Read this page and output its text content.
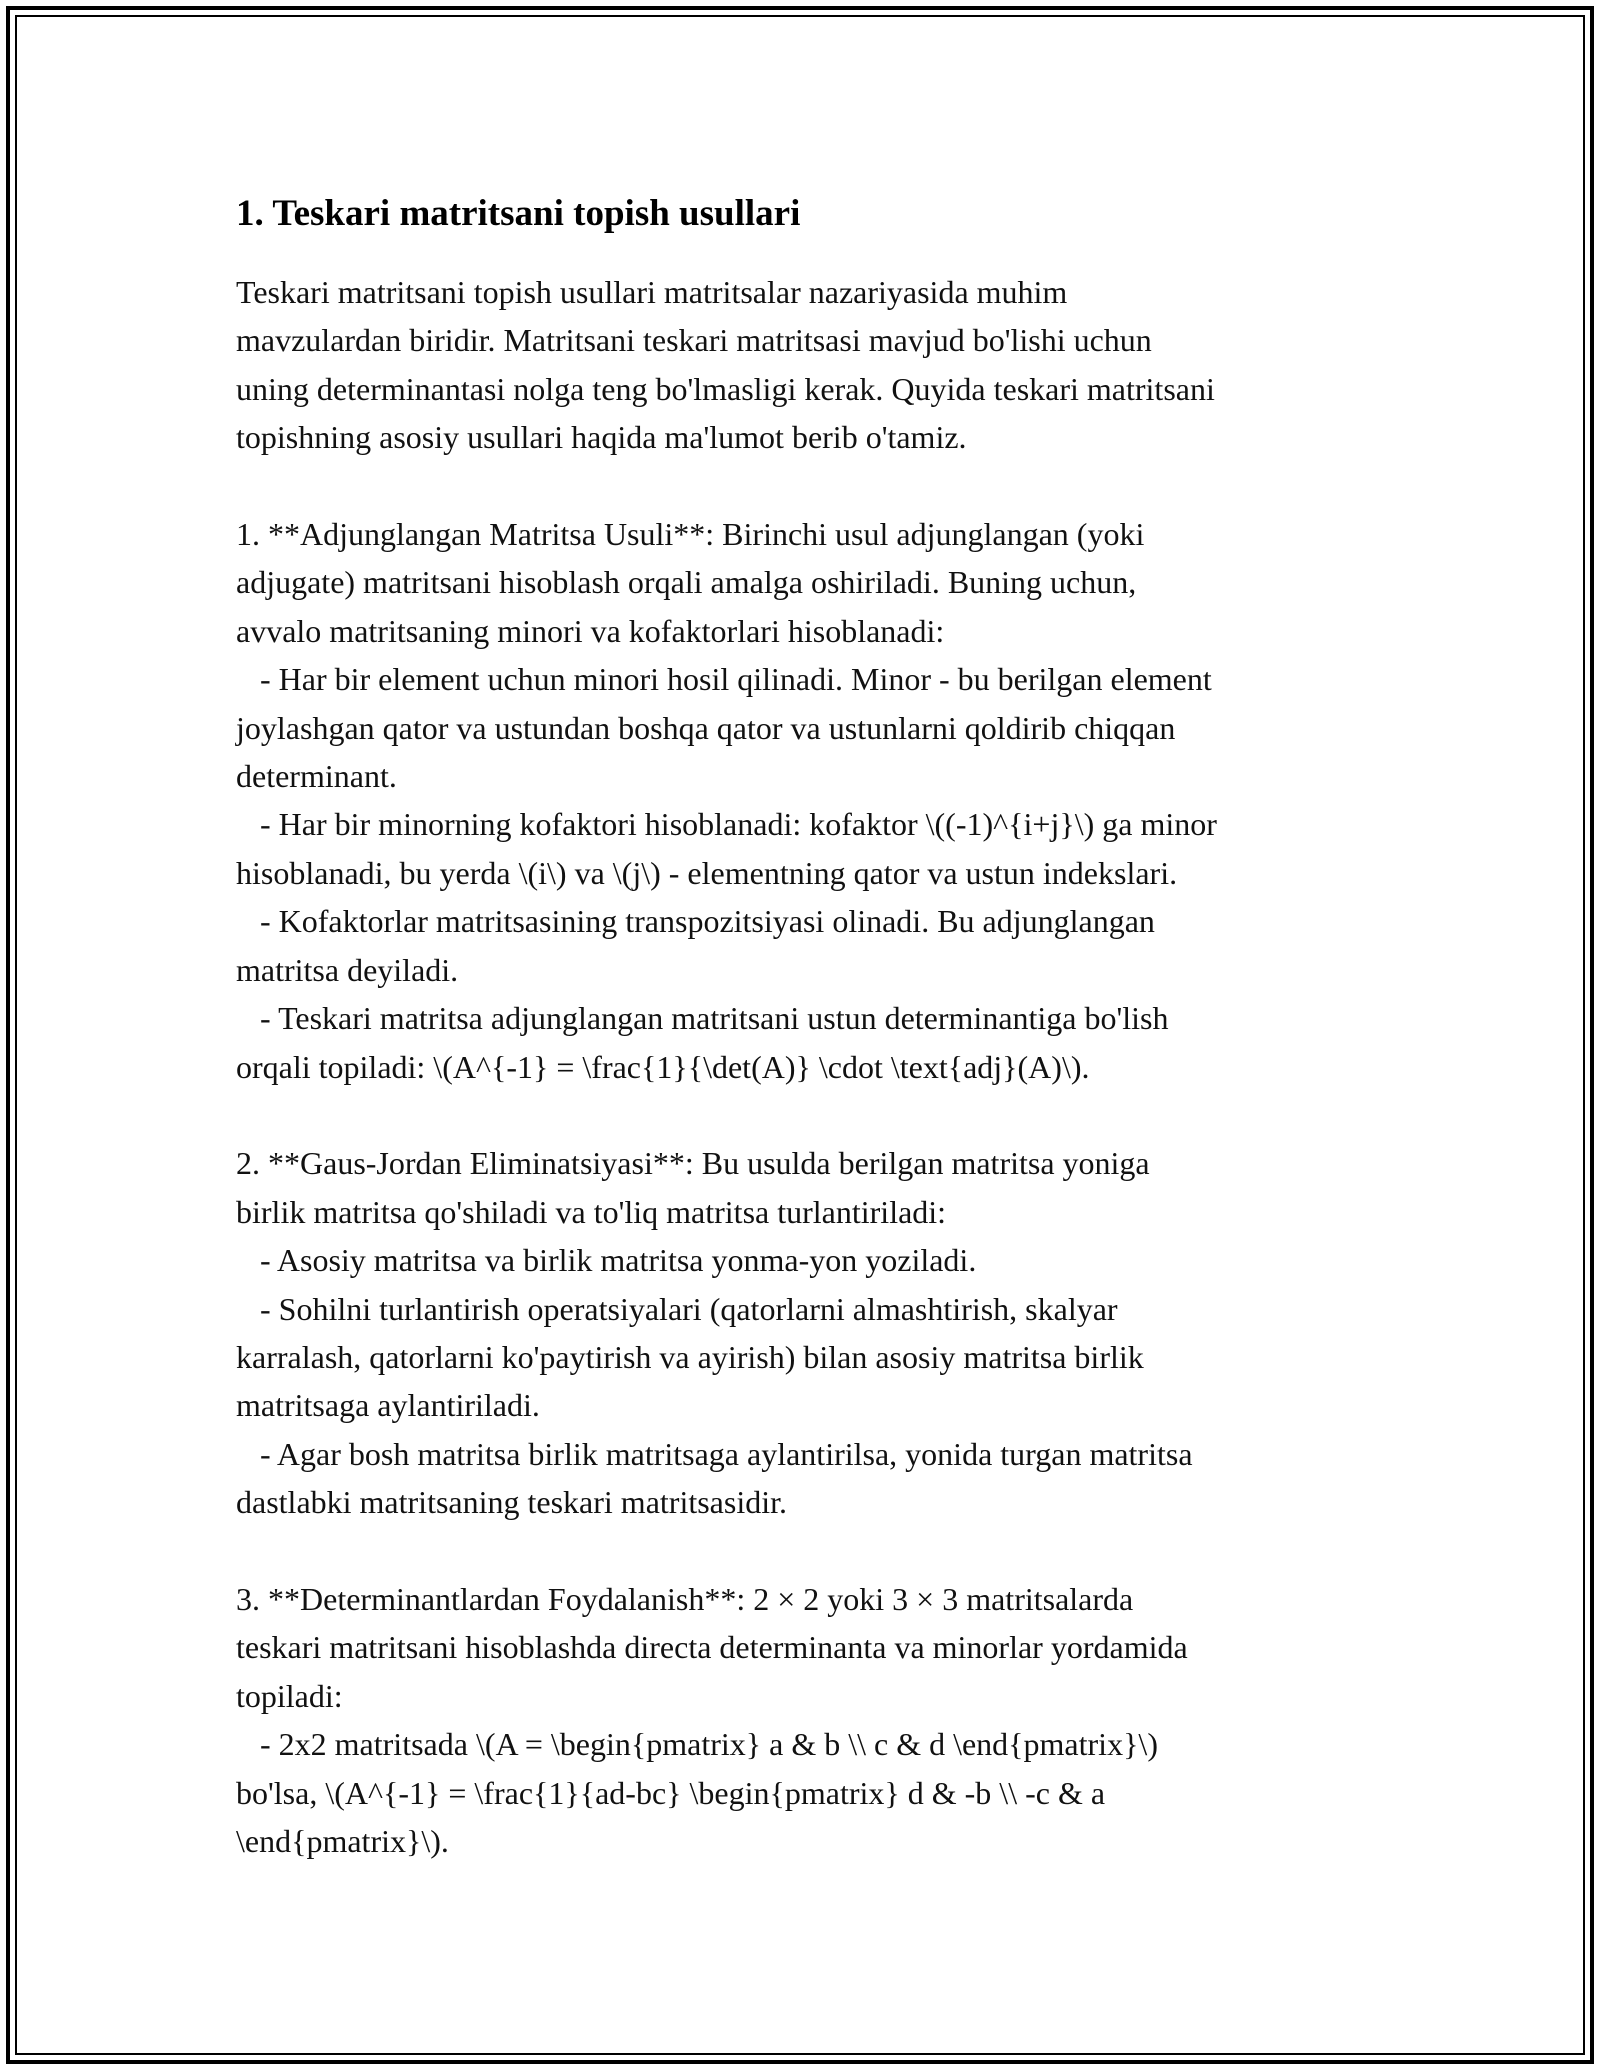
1. Teskari matritsani topish usullari

Teskari matritsani topish usullari matritsalar nazariyasida muhim
mavzulardan biridir. Matritsani teskari matritsasi mavjud bo'lishi uchun
uning determinantasi nolga teng bo'lmasligi kerak. Quyida teskari matritsani
topishning asosiy usullari haqida ma'lumot berib o'tamiz.

1. **Adjunglangan Matritsa Usuli**: Birinchi usul adjunglangan (yoki
adjugate) matritsani hisoblash orqali amalga oshiriladi. Buning uchun,
avvalo matritsaning minori va kofaktorlari hisoblanadi:
- Har bir element uchun minori hosil qilinadi. Minor - bu berilgan element
joylashgan qator va ustundan boshqa qator va ustunlarni qoldirib chiqqan
determinant.
- Har bir minorning kofaktori hisoblanadi: kofaktor \((-1)^{i+j}\) ga minor
hisoblanadi, bu yerda \(i\) va \(j\) - elementning qator va ustun indekslari.
- Kofaktorlar matritsasining transpozitsiyasi olinadi. Bu adjunglangan
matritsa deyiladi.
- Teskari matritsa adjunglangan matritsani ustun determinantiga bo'lish
orqali topiladi: \(A^{-1} = \frac{1}{\det(A)} \cdot \text{adj}(A)\).

2. **Gaus-Jordan Eliminatsiyasi**: Bu usulda berilgan matritsa yoniga
birlik matritsa qo'shiladi va to'liq matritsa turlantiriladi:
- Asosiy matritsa va birlik matritsa yonma-yon yoziladi.
- Sohilni turlantirish operatsiyalari (qatorlarni almashtirish, skalyar
karralash, qatorlarni ko'paytirish va ayirish) bilan asosiy matritsa birlik
matritsaga aylantiriladi.
- Agar bosh matritsa birlik matritsaga aylantirilsa, yonida turgan matritsa
dastlabki matritsaning teskari matritsasidir.

3. **Determinantlardan Foydalanish**: 2 × 2 yoki 3 × 3 matritsalarda
teskari matritsani hisoblashda directa determinanta va minorlar yordamida
topiladi:
- 2x2 matritsada \(A = \begin{pmatrix} a & b \\ c & d \end{pmatrix}\)
bo'lsa, \(A^{-1} = \frac{1}{ad-bc} \begin{pmatrix} d & -b \\ -c & a
\end{pmatrix}\).
